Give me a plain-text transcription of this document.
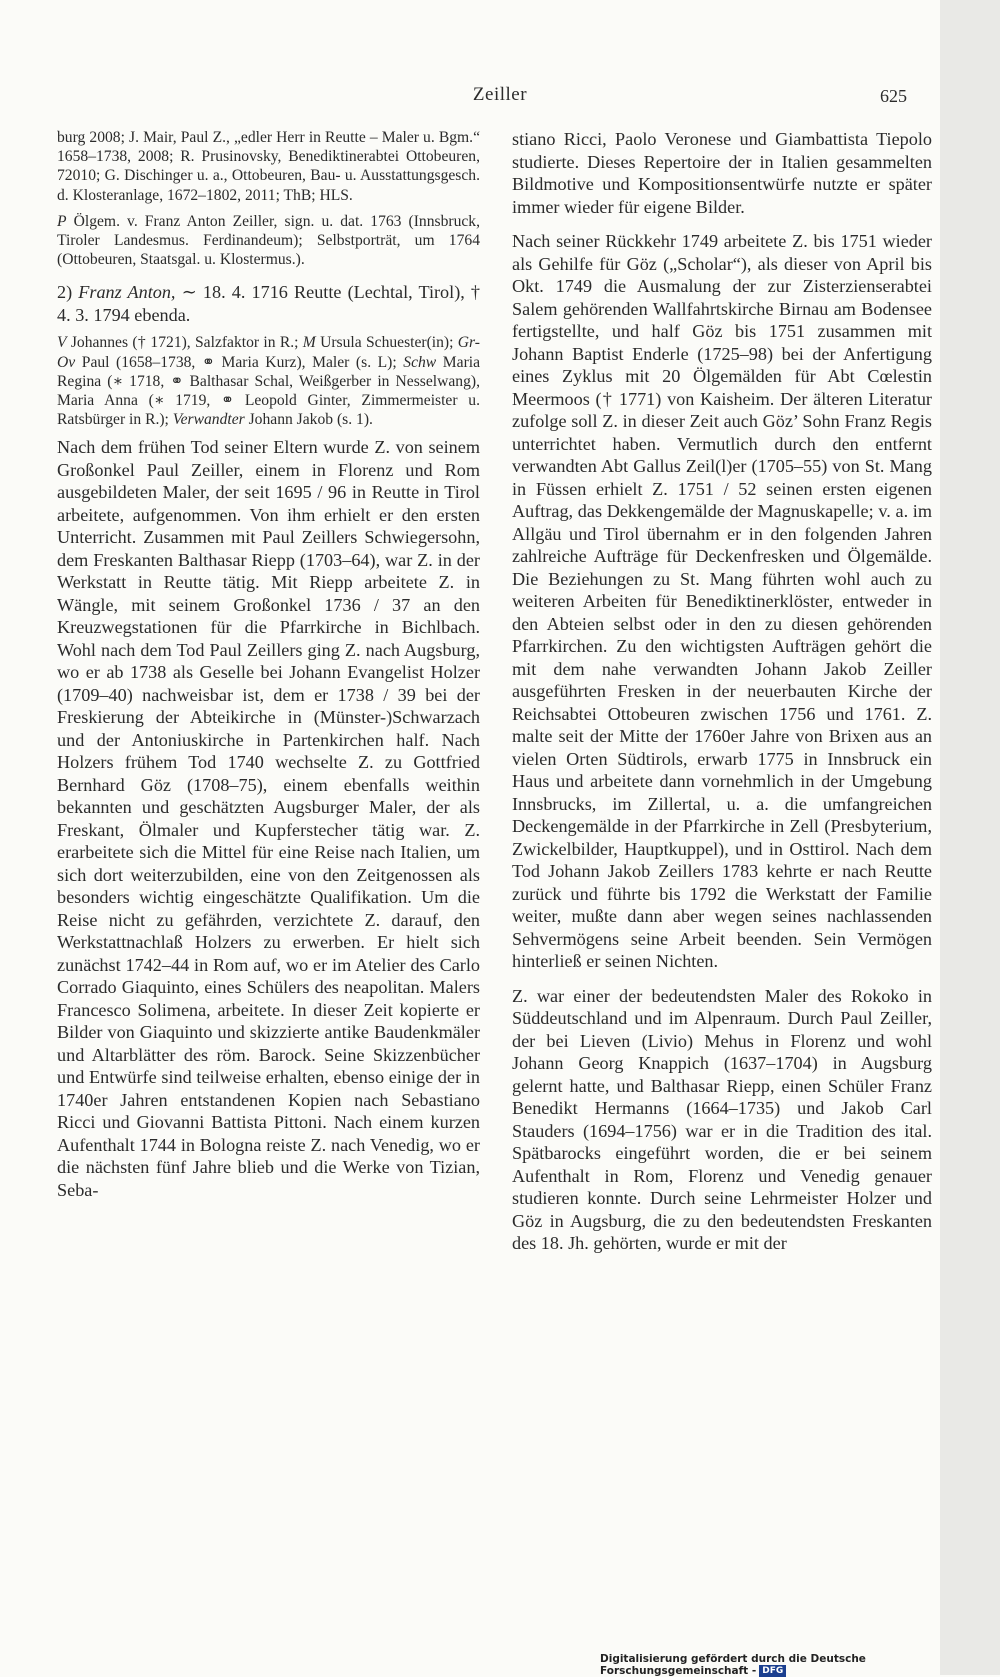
Zeiller	625

burg 2008; J. Mair, Paul Z., „edler Herr in Reutte – Maler u. Bgm.“ 1658–1738, 2008; R. Prusinovsky, Benediktinerabtei Ottobeuren, 72010; G. Dischinger u. a., Ottobeuren, Bau- u. Ausstattungsgesch. d. Klosteranlage, 1672–1802, 2011; ThB; HLS.

P Ölgem. v. Franz Anton Zeiller, sign. u. dat. 1763 (Innsbruck, Tiroler Landesmus. Ferdinandeum); Selbstporträt, um 1764 (Ottobeuren, Staatsgal. u. Klostermus.).

2) Franz Anton, ∼ 18. 4. 1716 Reutte (Lechtal, Tirol), † 4. 3. 1794 ebenda.

V Johannes († 1721), Salzfaktor in R.; M Ursula Schuester(in); Gr-Ov Paul (1658–1738, ⚭ Maria Kurz), Maler (s. L); Schw Maria Regina (∗ 1718, ⚭ Balthasar Schal, Weißgerber in Nesselwang), Maria Anna (∗ 1719, ⚭ Leopold Ginter, Zimmermeister u. Ratsbürger in R.); Verwandter Johann Jakob (s. 1).

Nach dem frühen Tod seiner Eltern wurde Z. von seinem Großonkel Paul Zeiller, einem in Florenz und Rom ausgebildeten Maler, der seit 1695 / 96 in Reutte in Tirol arbeitete, aufgenommen. Von ihm erhielt er den ersten Unterricht. Zusammen mit Paul Zeillers Schwiegersohn, dem Freskanten Balthasar Riepp (1703–64), war Z. in der Werkstatt in Reutte tätig. Mit Riepp arbeitete Z. in Wängle, mit seinem Großonkel 1736 / 37 an den Kreuzwegstationen für die Pfarrkirche in Bichlbach. Wohl nach dem Tod Paul Zeillers ging Z. nach Augsburg, wo er ab 1738 als Geselle bei Johann Evangelist Holzer (1709–40) nachweisbar ist, dem er 1738 / 39 bei der Freskierung der Abteikirche in (Münster-)Schwarzach und der Antoniuskirche in Partenkirchen half. Nach Holzers frühem Tod 1740 wechselte Z. zu Gottfried Bernhard Göz (1708–75), einem ebenfalls weithin bekannten und geschätzten Augsburger Maler, der als Freskant, Ölmaler und Kupferstecher tätig war. Z. erarbeitete sich die Mittel für eine Reise nach Italien, um sich dort weiterzubilden, eine von den Zeitgenossen als besonders wichtig eingeschätzte Qualifikation. Um die Reise nicht zu gefährden, verzichtete Z. darauf, den Werkstattnachlaß Holzers zu erwerben. Er hielt sich zunächst 1742–44 in Rom auf, wo er im Atelier des Carlo Corrado Giaquinto, eines Schülers des neapolitan. Malers Francesco Solimena, arbeitete. In dieser Zeit kopierte er Bilder von Giaquinto und skizzierte antike Baudenkmäler und Altarblätter des röm. Barock. Seine Skizzenbücher und Entwürfe sind teilweise erhalten, ebenso einige der in 1740er Jahren entstandenen Kopien nach Sebastiano Ricci und Giovanni Battista Pittoni. Nach einem kurzen Aufenthalt 1744 in Bologna reiste Z. nach Venedig, wo er die nächsten fünf Jahre blieb und die Werke von Tizian, Seba-

stiano Ricci, Paolo Veronese und Giambattista Tiepolo studierte. Dieses Repertoire der in Italien gesammelten Bildmotive und Kompositionsentwürfe nutzte er später immer wieder für eigene Bilder.

Nach seiner Rückkehr 1749 arbeitete Z. bis 1751 wieder als Gehilfe für Göz („Scholar“), als dieser von April bis Okt. 1749 die Ausmalung der zur Zisterzienserabtei Salem gehörenden Wallfahrtskirche Birnau am Bodensee fertigstellte, und half Göz bis 1751 zusammen mit Johann Baptist Enderle (1725–98) bei der Anfertigung eines Zyklus mit 20 Ölgemälden für Abt Cœlestin Meermoos († 1771) von Kaisheim. Der älteren Literatur zufolge soll Z. in dieser Zeit auch Göz’ Sohn Franz Regis unterrichtet haben. Vermutlich durch den entfernt verwandten Abt Gallus Zeil(l)er (1705–55) von St. Mang in Füssen erhielt Z. 1751 / 52 seinen ersten eigenen Auftrag, das Dekkengemälde der Magnuskapelle; v. a. im Allgäu und Tirol übernahm er in den folgenden Jahren zahlreiche Aufträge für Deckenfresken und Ölgemälde. Die Beziehungen zu St. Mang führten wohl auch zu weiteren Arbeiten für Benediktinerklöster, entweder in den Abteien selbst oder in den zu diesen gehörenden Pfarrkirchen. Zu den wichtigsten Aufträgen gehört die mit dem nahe verwandten Johann Jakob Zeiller ausgeführten Fresken in der neuerbauten Kirche der Reichsabtei Ottobeuren zwischen 1756 und 1761. Z. malte seit der Mitte der 1760er Jahre von Brixen aus an vielen Orten Südtirols, erwarb 1775 in Innsbruck ein Haus und arbeitete dann vornehmlich in der Umgebung Innsbrucks, im Zillertal, u. a. die umfangreichen Deckengemälde in der Pfarrkirche in Zell (Presbyterium, Zwickelbilder, Hauptkuppel), und in Osttirol. Nach dem Tod Johann Jakob Zeillers 1783 kehrte er nach Reutte zurück und führte bis 1792 die Werkstatt der Familie weiter, mußte dann aber wegen seines nachlassenden Sehvermögens seine Arbeit beenden. Sein Vermögen hinterließ er seinen Nichten.

Z. war einer der bedeutendsten Maler des Rokoko in Süddeutschland und im Alpenraum. Durch Paul Zeiller, der bei Lieven (Livio) Mehus in Florenz und wohl Johann Georg Knappich (1637–1704) in Augsburg gelernt hatte, und Balthasar Riepp, einen Schüler Franz Benedikt Hermanns (1664–1735) und Jakob Carl Stauders (1694–1756) war er in die Tradition des ital. Spätbarocks eingeführt worden, die er bei seinem Aufenthalt in Rom, Florenz und Venedig genauer studieren konnte. Durch seine Lehrmeister Holzer und Göz in Augsburg, die zu den bedeutendsten Freskanten des 18. Jh. gehörten, wurde er mit der

Digitalisierung gefördert durch die Deutsche Forschungsgemeinschaft - DFG
